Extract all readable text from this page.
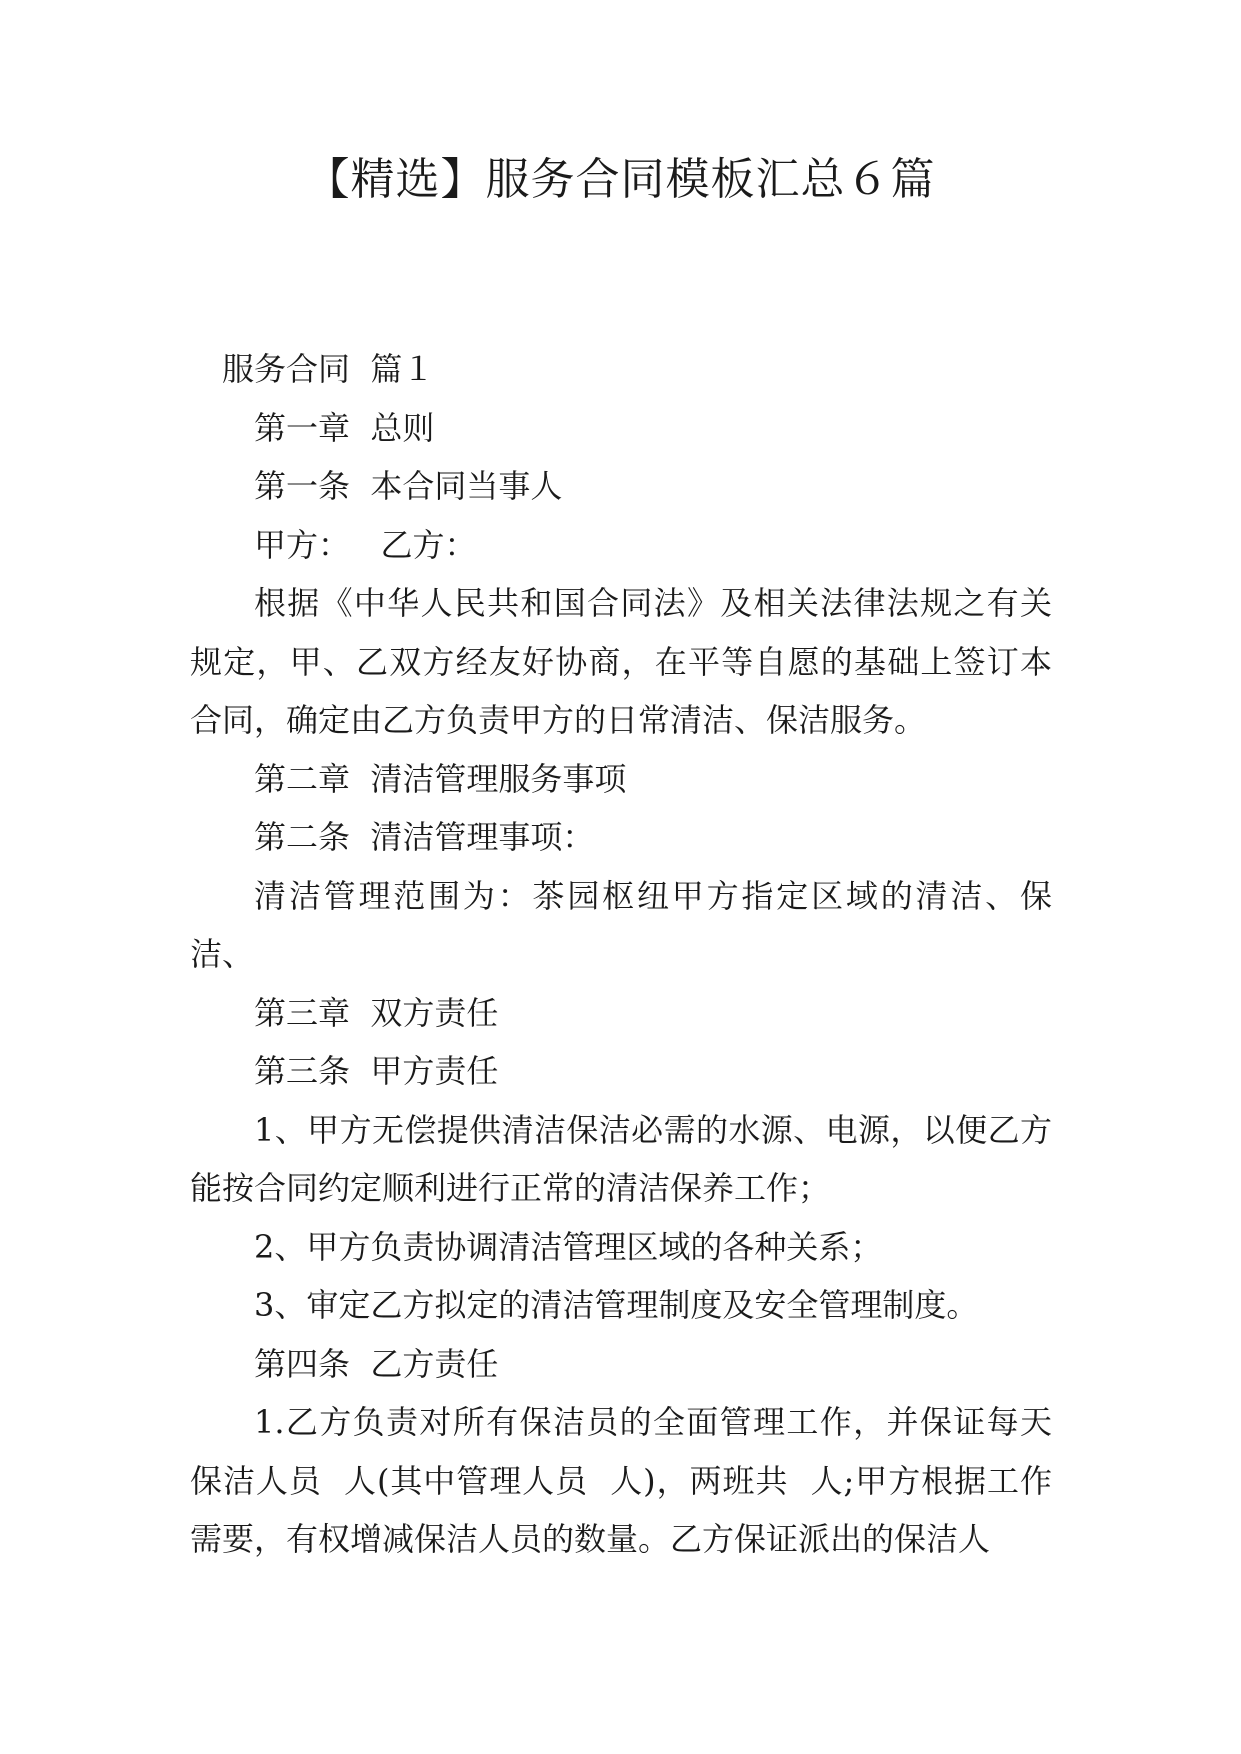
【精选】服务合同模板汇总６篇

服务合同  篇１

第一章  总则

第一条  本合同当事人

甲方：   乙方：

根据《中华人民共和国合同法》及相关法律法规之有关规定，甲、乙双方经友好协商，在平等自愿的基础上签订本合同，确定由乙方负责甲方的日常清洁、保洁服务。

第二章  清洁管理服务事项

第二条  清洁管理事项：

清洁管理范围为：茶园枢纽甲方指定区域的清洁、保洁、

第三章  双方责任

第三条  甲方责任

1、甲方无偿提供清洁保洁必需的水源、电源，以便乙方能按合同约定顺利进行正常的清洁保养工作；

2、甲方负责协调清洁管理区域的各种关系；

3、审定乙方拟定的清洁管理制度及安全管理制度。

第四条  乙方责任

1.乙方负责对所有保洁员的全面管理工作，并保证每天保洁人员  人(其中管理人员  人)，两班共  人;甲方根据工作需要，有权增减保洁人员的数量。乙方保证派出的保洁人
